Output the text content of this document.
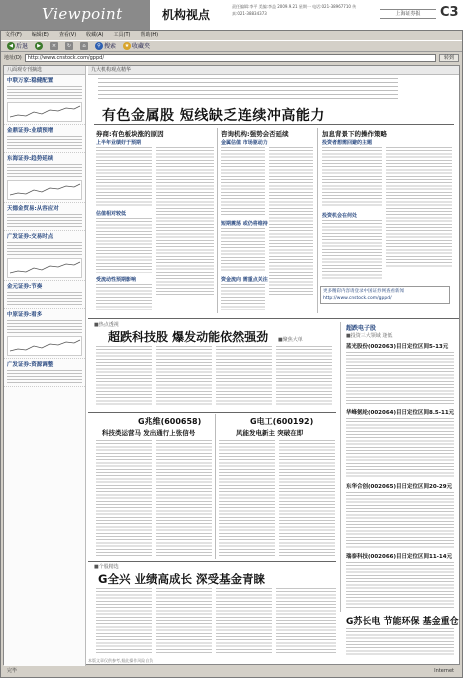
Viewpoint	机构视点
责任编辑:李平 美编:李益 2009.9.21 星期一 电话:021-38967710 传真:021-38834373	上海证券报	C3
文件(F) 编辑(E) 查看(V) 收藏(A) 工具(T) 帮助(H)
◀ 后退	▶	×	↻	⌂	⚲ 搜索	★ 收藏夹
地址(D)	http://www.cnstock.com/gppd/	转到
八面观专刊摘选
中联万家:稳健配置
金鼎证券:业绩预增
东海证券:趋势延续
天德金贸易:从容应对
广发证券:交易时点
金元证券:节奏
中原证券:看多
广发证券:资源调整
九大机构观点精华
有色金属股 短线缺乏连续冲高能力
券商:有色板块涨的原因
上半年业绩好于预期
估值相对较低
受流动性预期影响
咨询机构:强势会否延续
金属估值 市场驱动力
短期震荡 或仍将维持
资金流向 需重点关注
加息背景下的操作策略
投资者想需回避的主题
投资机会在何处
更多精彩内容请登录中国证券网查看新闻 http://www.cnstock.com/gppd/
■热点透视
超跌科技股 爆发动能依然强劲 ■聚焦大单
G兆维(600658)
科技类运营马 发出通行上张信号
G电工(600192)
风能发电新主 突破在即
■个股精选
G全兴 业绩高成长 深受基金青睐
超跌电子股
■投资三大领域 逢低
蓝光股份(002063)目日定位区间5-13元
华峰氨纶(002064)目日定位区间8.5-11元
东华合创(002065)目日定位区间20-29元
瑞泰科技(002066)目日定位区间11-14元
G苏长电 节能环保 基金重仓
本版文章仅供参考,据此操作风险自负
完毕	Internet
